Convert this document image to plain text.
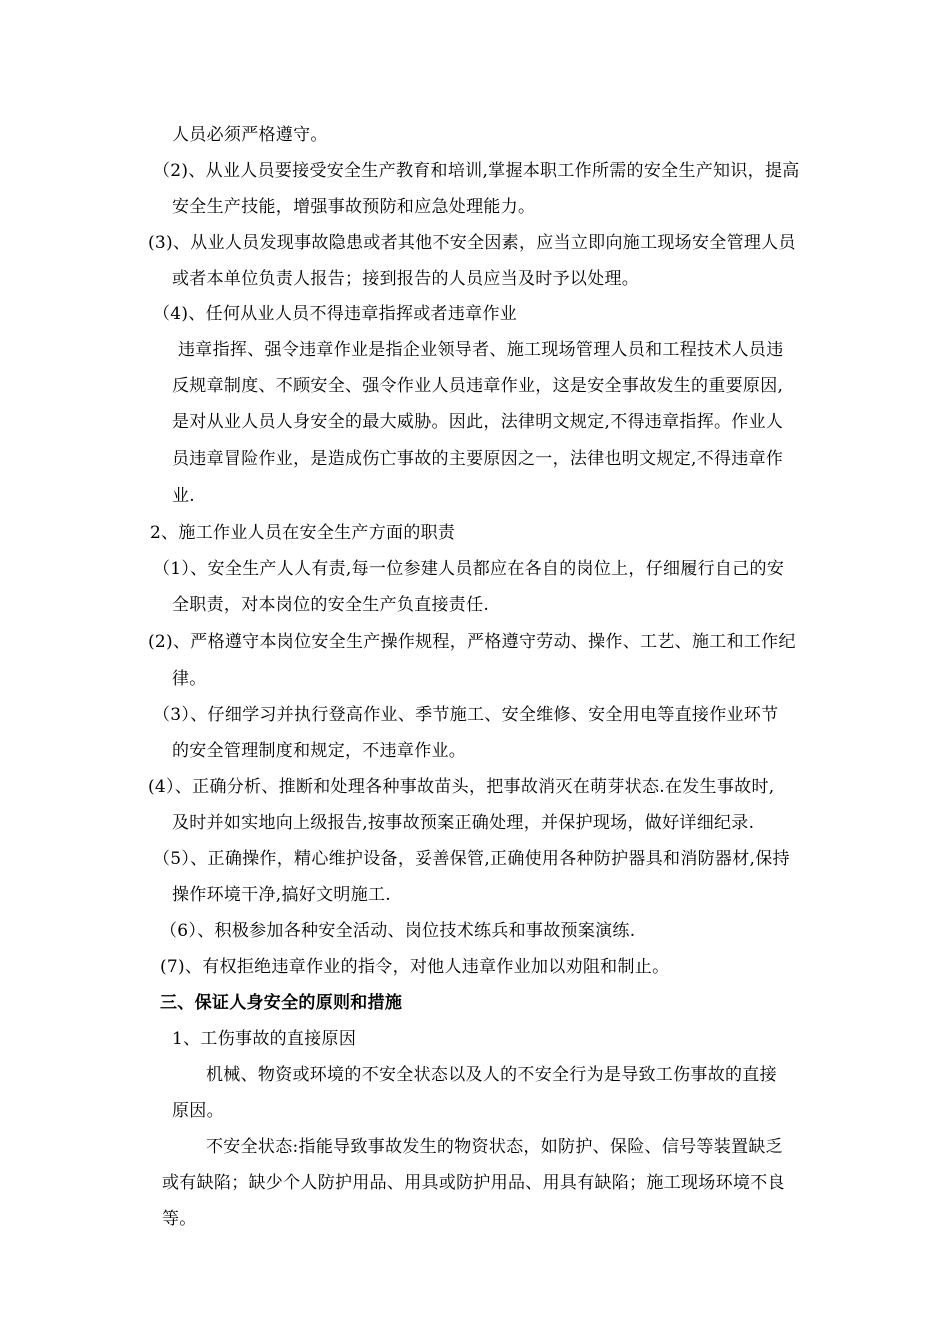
人员必须严格遵守。
（2)、从业人员要接受安全生产教育和培训,掌握本职工作所需的安全生产知识，提高
安全生产技能，增强事故预防和应急处理能力。
(3)、从业人员发现事故隐患或者其他不安全因素，应当立即向施工现场安全管理人员
或者本单位负责人报告；接到报告的人员应当及时予以处理。
（4)、任何从业人员不得违章指挥或者违章作业
违章指挥、强令违章作业是指企业领导者、施工现场管理人员和工程技术人员违
反规章制度、不顾安全、强令作业人员违章作业，这是安全事故发生的重要原因,
是对从业人员人身安全的最大威胁。因此，法律明文规定,不得违章指挥。作业人
员违章冒险作业，是造成伤亡事故的主要原因之一，法律也明文规定,不得违章作
业.
2、施工作业人员在安全生产方面的职责
（1）、安全生产人人有责,每一位参建人员都应在各自的岗位上，仔细履行自己的安
全职责，对本岗位的安全生产负直接责任.
(2)、严格遵守本岗位安全生产操作规程，严格遵守劳动、操作、工艺、施工和工作纪
律。
（3）、仔细学习并执行登高作业、季节施工、安全维修、安全用电等直接作业环节
的安全管理制度和规定，不违章作业。
(4）、正确分析、推断和处理各种事故苗头，把事故消灭在萌芽状态.在发生事故时,
及时并如实地向上级报告,按事故预案正确处理，并保护现场，做好详细纪录.
（5）、正确操作，精心维护设备，妥善保管,正确使用各种防护器具和消防器材,保持
操作环境干净,搞好文明施工.
（6）、积极参加各种安全活动、岗位技术练兵和事故预案演练.
(7)、有权拒绝违章作业的指令，对他人违章作业加以劝阻和制止。
三、保证人身安全的原则和措施
1、工伤事故的直接原因
机械、物资或环境的不安全状态以及人的不安全行为是导致工伤事故的直接
原因。
不安全状态:指能导致事故发生的物资状态，如防护、保险、信号等装置缺乏
或有缺陷；缺少个人防护用品、用具或防护用品、用具有缺陷；施工现场环境不良
等。
